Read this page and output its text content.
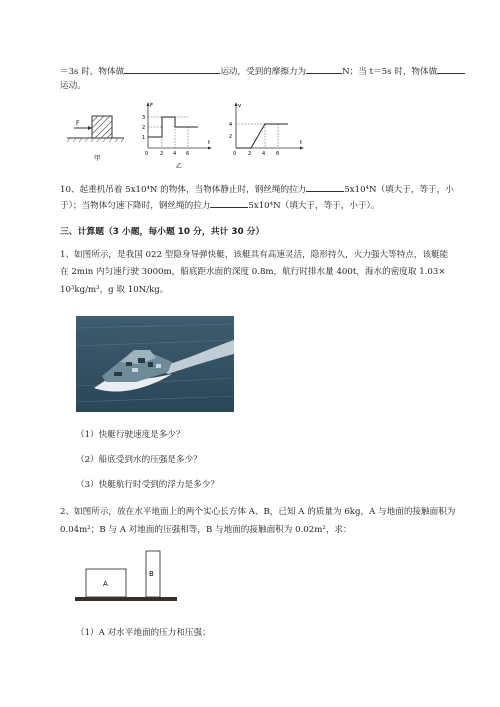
＝3s 时，物体做	运动，受到的摩擦力为	N；当 t＝5s 时，物体做
运动。
F
甲
F
t
3
2
1
0 2 4 6
乙
v
t
4
2
0 2 4 6
10、起重机吊着 5x10⁴N 的物体，当物体静止时，钢丝绳的拉力	5x10⁴N（填大于，等于，小
于）；当物体匀速下降时，钢丝绳的拉力	5x10⁴N（填大于，等于，小于）。
三、计算题（3 小题，每小题 10 分，共计 30 分）
1、如图所示，是我国 022 型隐身导弹快艇，该艇具有高速灵活，隐形持久，火力强大等特点，该艇能
在 2min 内匀速行驶 3000m，船底距水面的深度 0.8m，航行时排水量 400t，海水的密度取 1.03×
10³kg/m³，g 取 10N/kg。
（1）快艇行驶速度是多少？
（2）船底受到水的压强是多少？
（3）快艇航行时受到的浮力是多少？
2、如图所示，放在水平地面上的两个实心长方体 A、B，已知 A 的质量为 6kg，A 与地面的接触面积为
0.04m²；B 与 A 对地面的压强相等，B 与地面的接触面积为 0.02m²，求：
A
B
（1）A 对水平地面的压力和压强；
